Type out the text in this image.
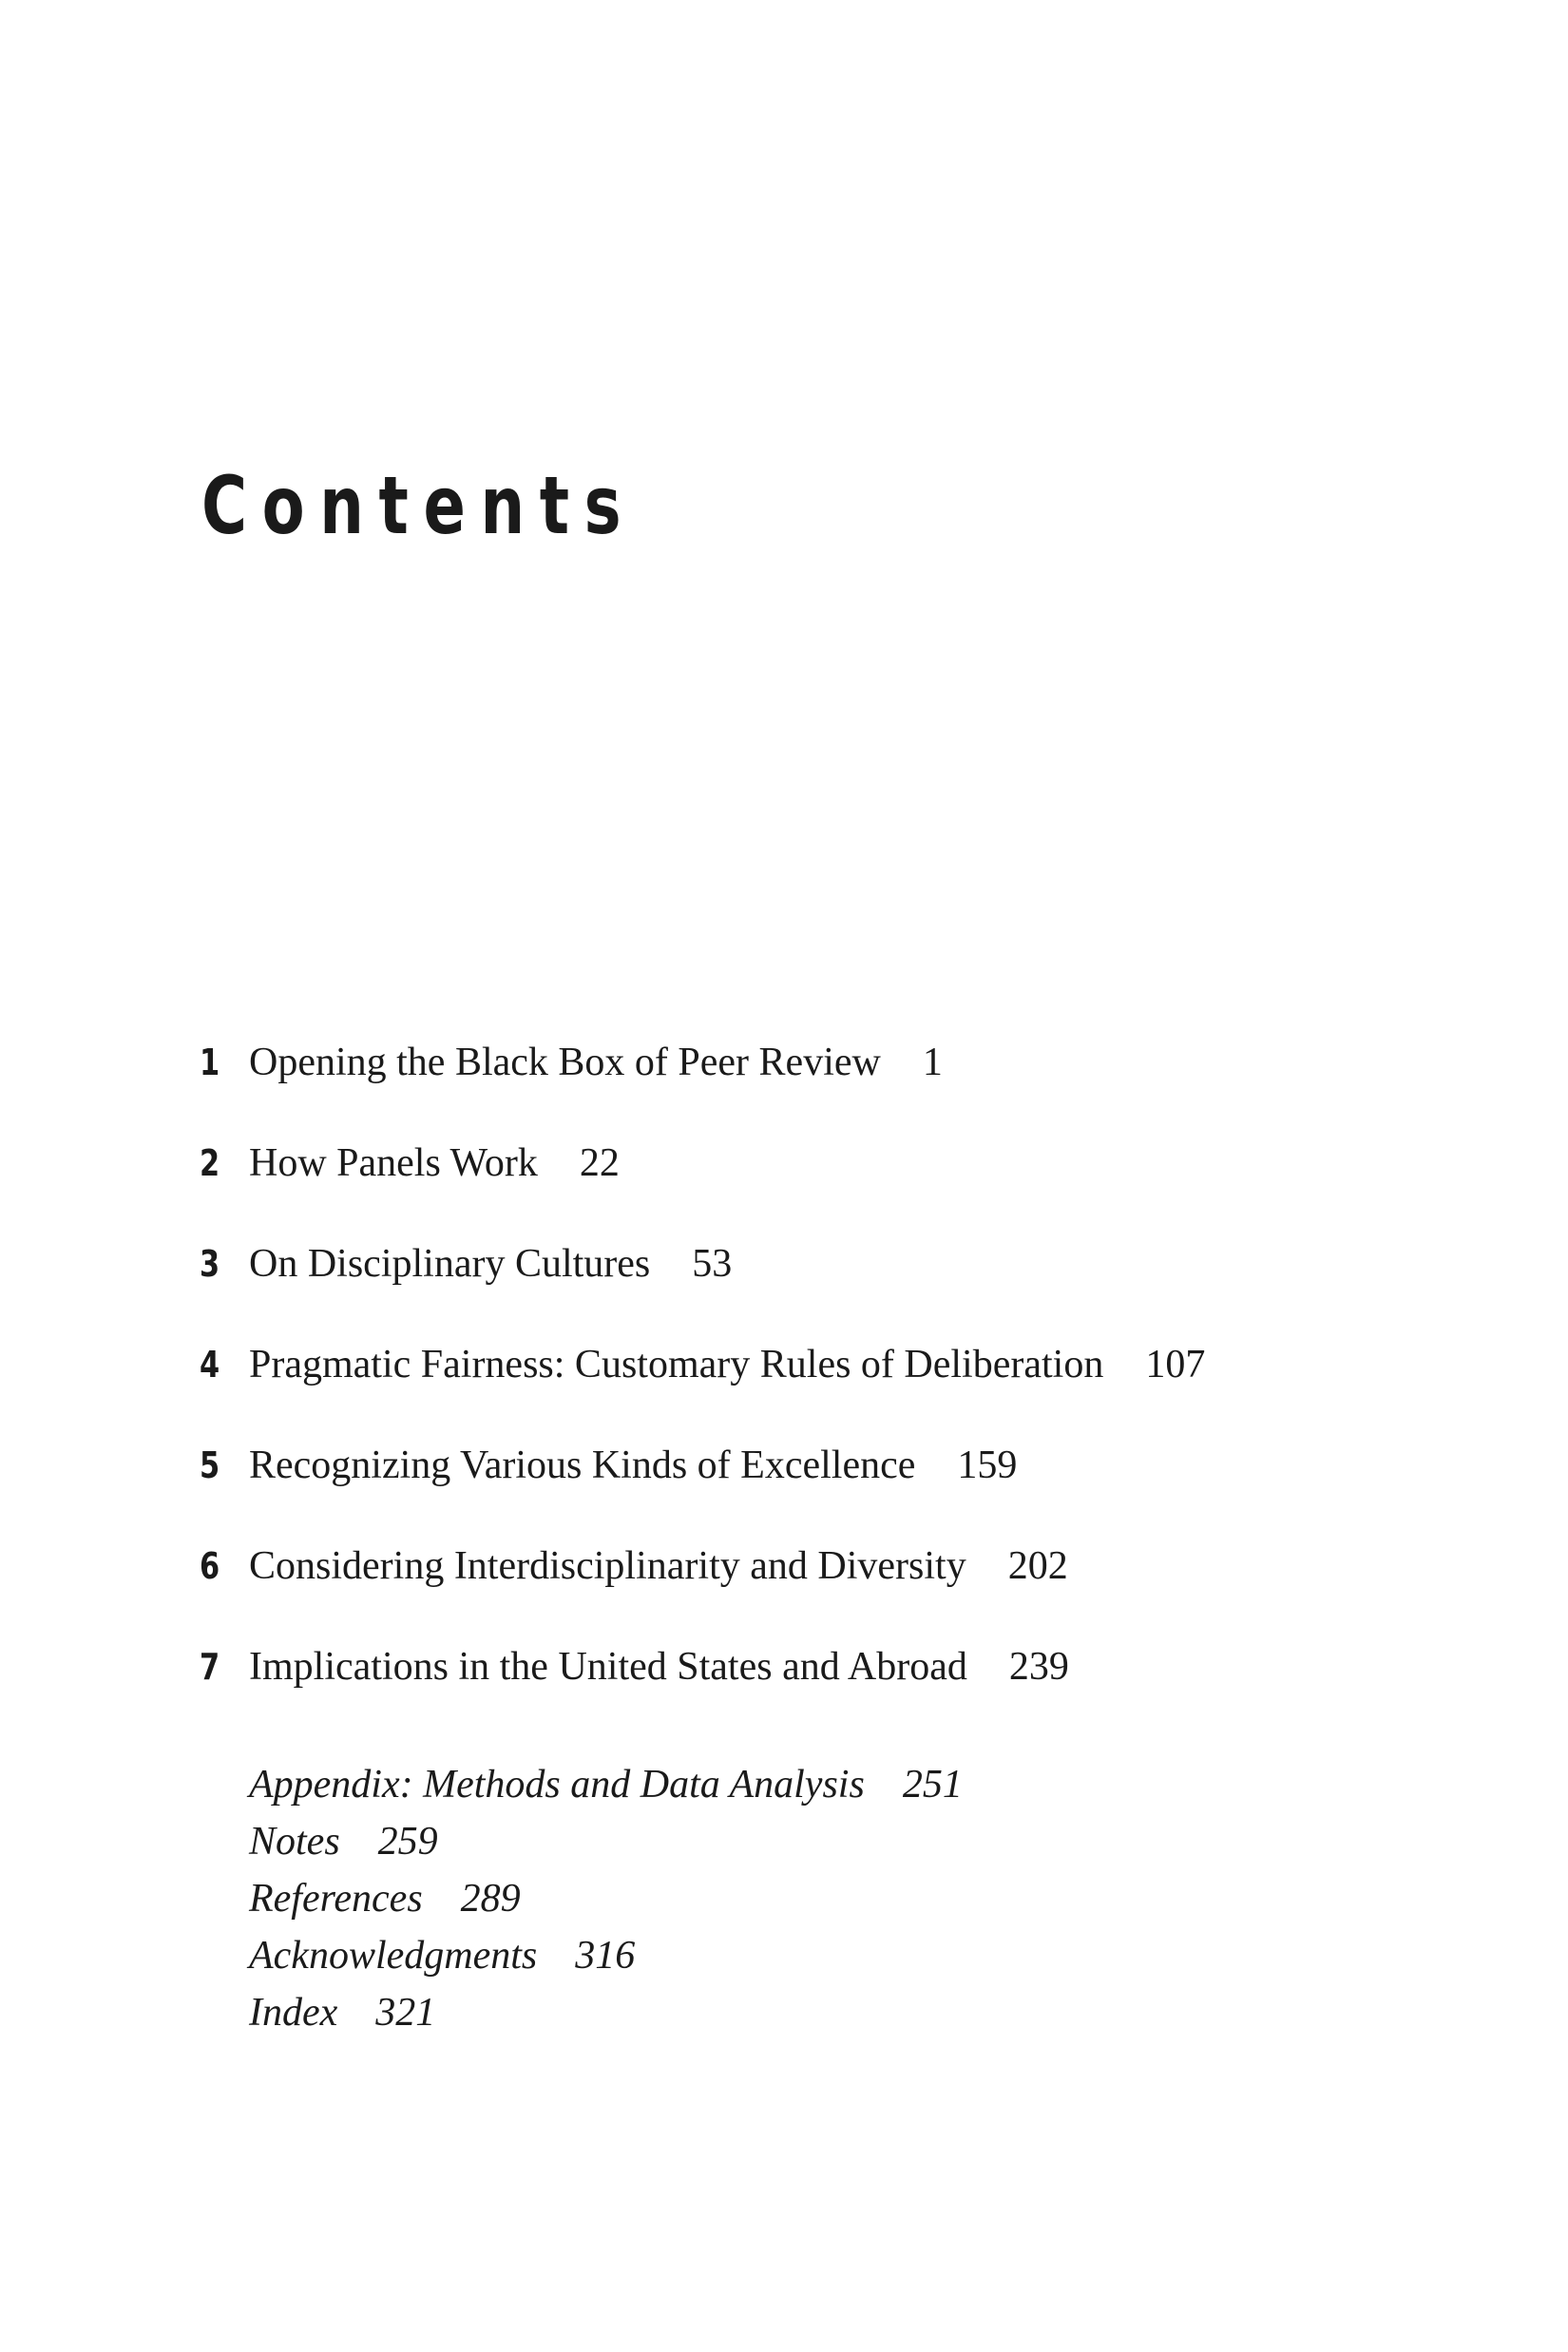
Contents
1 Opening the Black Box of Peer Review 1
2 How Panels Work 22
3 On Disciplinary Cultures 53
4 Pragmatic Fairness: Customary Rules of Deliberation 107
5 Recognizing Various Kinds of Excellence 159
6 Considering Interdisciplinarity and Diversity 202
7 Implications in the United States and Abroad 239
Appendix: Methods and Data Analysis 251
Notes 259
References 289
Acknowledgments 316
Index 321
